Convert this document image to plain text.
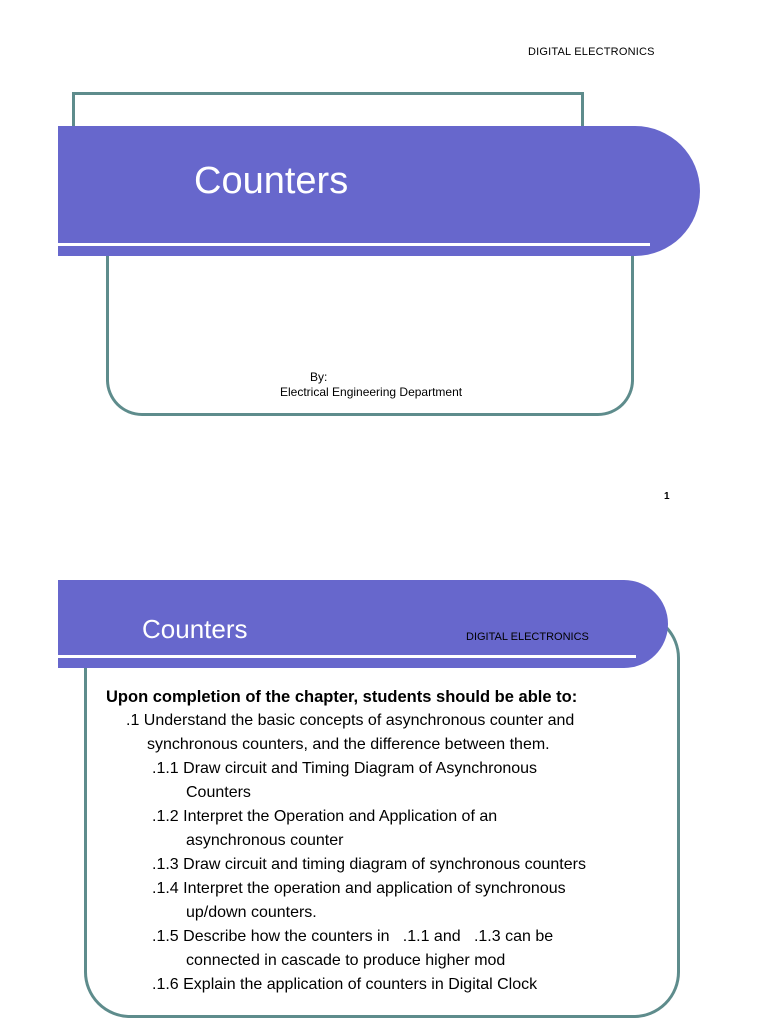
DIGITAL ELECTRONICS
Counters
By:
Electrical Engineering Department
1
Counters	DIGITAL ELECTRONICS
Upon completion of the chapter, students should be able to:
.1 Understand the basic concepts of asynchronous counter and
synchronous counters, and the difference between them.
.1.1 Draw circuit and Timing Diagram of Asynchronous
Counters
.1.2 Interpret the Operation and Application of an
asynchronous counter
.1.3 Draw circuit and timing diagram of synchronous counters
.1.4 Interpret the operation and application of synchronous
up/down counters.
.1.5 Describe how the counters in   .1.1 and   .1.3 can be
connected in cascade to produce higher mod
.1.6 Explain the application of counters in Digital Clock
